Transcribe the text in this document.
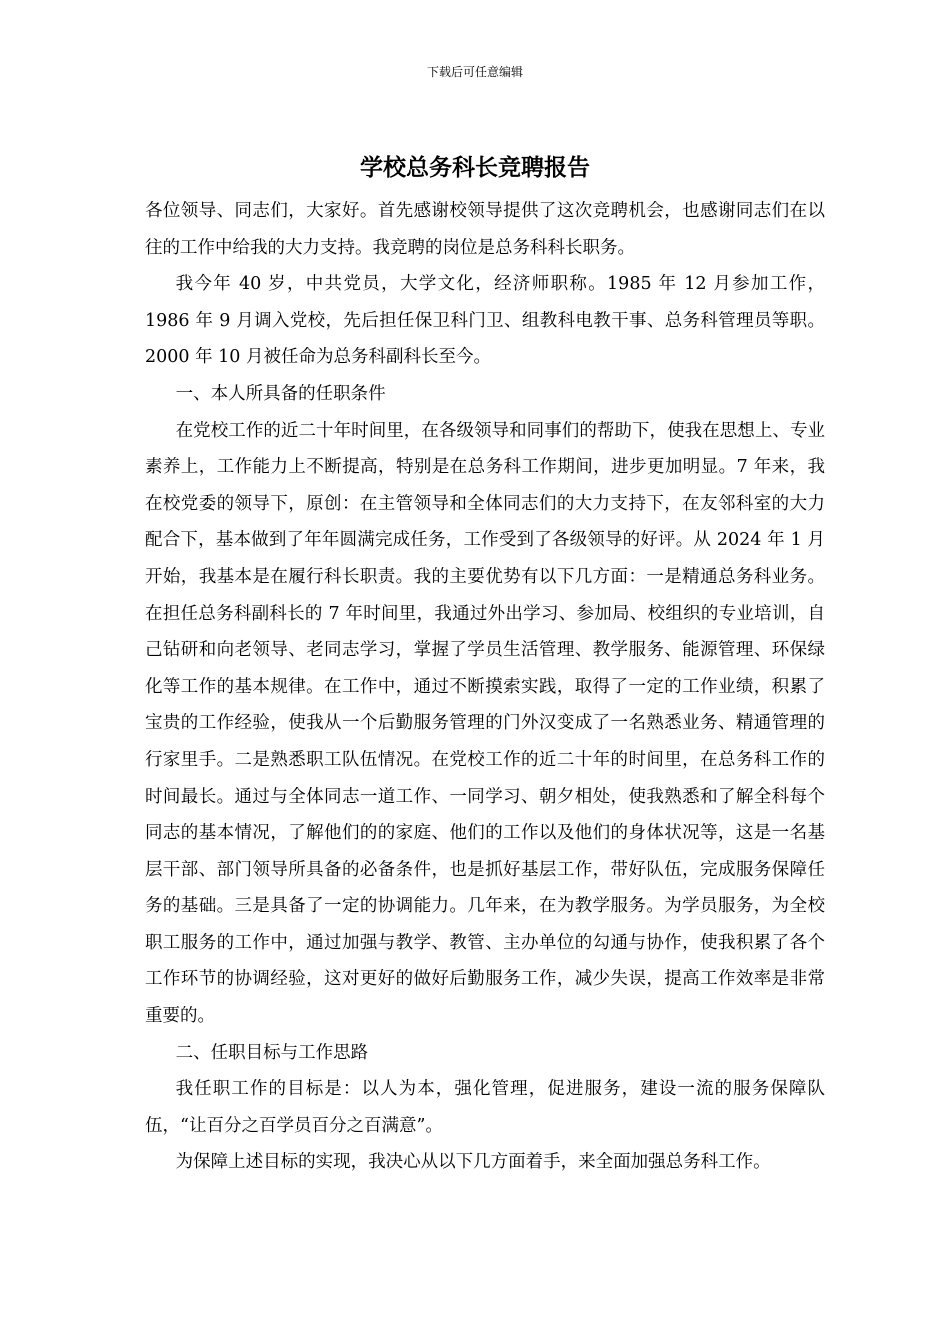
下载后可任意编辑
学校总务科长竞聘报告

各位领导、同志们，大家好。首先感谢校领导提供了这次竞聘机会，也感谢同志们在以往的工作中给我的大力支持。我竞聘的岗位是总务科科长职务。

我今年 40 岁，中共党员，大学文化，经济师职称。1985 年 12 月参加工作，1986 年 9 月调入党校，先后担任保卫科门卫、组教科电教干事、总务科管理员等职。2000 年 10 月被任命为总务科副科长至今。

一、本人所具备的任职条件

在党校工作的近二十年时间里，在各级领导和同事们的帮助下，使我在思想上、专业素养上，工作能力上不断提高，特别是在总务科工作期间，进步更加明显。7 年来，我在校党委的领导下，原创：在主管领导和全体同志们的大力支持下，在友邻科室的大力配合下，基本做到了年年圆满完成任务，工作受到了各级领导的好评。从 2024 年 1 月开始，我基本是在履行科长职责。我的主要优势有以下几方面：一是精通总务科业务。在担任总务科副科长的 7 年时间里，我通过外出学习、参加局、校组织的专业培训，自己钻研和向老领导、老同志学习，掌握了学员生活管理、教学服务、能源管理、环保绿化等工作的基本规律。在工作中，通过不断摸索实践，取得了一定的工作业绩，积累了宝贵的工作经验，使我从一个后勤服务管理的门外汉变成了一名熟悉业务、精通管理的行家里手。二是熟悉职工队伍情况。在党校工作的近二十年的时间里，在总务科工作的时间最长。通过与全体同志一道工作、一同学习、朝夕相处，使我熟悉和了解全科每个同志的基本情况，了解他们的的家庭、他们的工作以及他们的身体状况等，这是一名基层干部、部门领导所具备的必备条件，也是抓好基层工作，带好队伍，完成服务保障任务的基础。三是具备了一定的协调能力。几年来，在为教学服务。为学员服务，为全校职工服务的工作中，通过加强与教学、教管、主办单位的勾通与协作，使我积累了各个工作环节的协调经验，这对更好的做好后勤服务工作，减少失误，提高工作效率是非常重要的。

二、任职目标与工作思路

我任职工作的目标是：以人为本，强化管理，促进服务，建设一流的服务保障队伍，“让百分之百学员百分之百满意”。

为保障上述目标的实现，我决心从以下几方面着手，来全面加强总务科工作。
